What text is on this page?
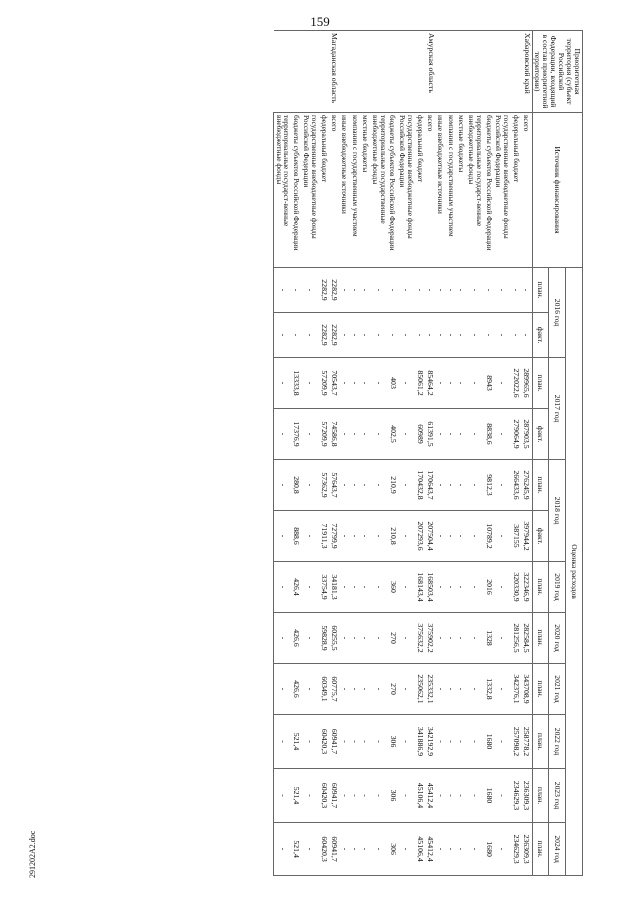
159
Приоритетная территория (субъект Российской Федерации, входящий в состав приоритетной территории)	Источник финансирования	Оценка расходов											
		2016 год		2017 год		2018 год		2019 год	2020 год	2021 год	2022 год	2023 год	2024 год
		план.	факт.	план.	факт.	план.	факт.	план.	план.	план.	план.	план.	план.
Хабаровский край	всего	-	-	289965,6	287903,5	276245,9	397944,2	322346,9	282584,5	343708,9	258778,2	236309,3	236309,3
	федеральный бюджет	-	-	272022,6	279064,9	266433,6	387155	320330,9	281256,5	342376,1	257098,2	234629,3	234629,3
	государственные внебюджетные фонды Российской Федерации	-	-	-	-	-	-	-	-	-	-	-	-
	бюджеты субъектов Российской Федерации	-	-	8943	8838,6	9812,3	10789,2	2016	1328	1332,8	1680	1680	1680
	территориальные государст-венные внебюджетные фонды	-	-	-	-	-	-	-	-	-	-	-	-
	местные бюджеты	-	-	-	-	-	-	-	-	-	-	-	-
	компании с государственным участием	-	-	-	-	-	-	-	-	-	-	-	-
	иные внебюджетные источники	-	-	-	-	-	-	-	-	-	-	-	-
Амурская область	всего	-	-	85464,2	61391,5	170643,7	207504,4	168503,4	375902,2	235332,1	342192,9	45412,4	45412,4
	федеральный бюджет	-	-	85061,2	60989	170432,8	207293,6	168143,4	375632,2	235062,1	341886,9	45106,4	45106,4
	государственные внебюджетные фонды Российской Федерации	-	-	-	-	-	-	-	-	-	-	-	-
	бюджеты субъектов Российской Федерации	-	-	403	402,5	210,9	210,8	360	270	270	306	306	306
	территориальные государственные внебюджетные фонды	-	-	-	-	-	-	-	-	-	-	-	-
	местные бюджеты	-	-	-	-	-	-	-	-	-	-	-	-
	компании с государственным участием	-	-	-	-	-	-	-	-	-	-	-	-
	иные внебюджетные источники	-	-	-	-	-	-	-	-	-	-	-	-
Магаданская область	всего	2282,9	2282,9	70543,7	74586,8	57643,7	72799,9	34181,3	60255,5	60775,7	60941,7	60941,7	60941,7
	федеральный бюджет	2282,9	2282,9	57209,9	57209,9	57362,9	71911,3	33754,9	59828,9	60349,1	60420,3	60420,3	60420,3
	государственные внебюджетные фонды Российской Федерации	-	-	-	-	-	-	-	-	-	-	-	-
	бюджеты субъектов Российской Федерации	-	-	13333,8	17376,9	280,8	888,6	426,4	426,6	426,6	521,4	521,4	521,4
	территориальные государст-венные внебюджетные фонды	-	-	-	-	-	-	-	-	-	-	-	-
291202A2.doc
